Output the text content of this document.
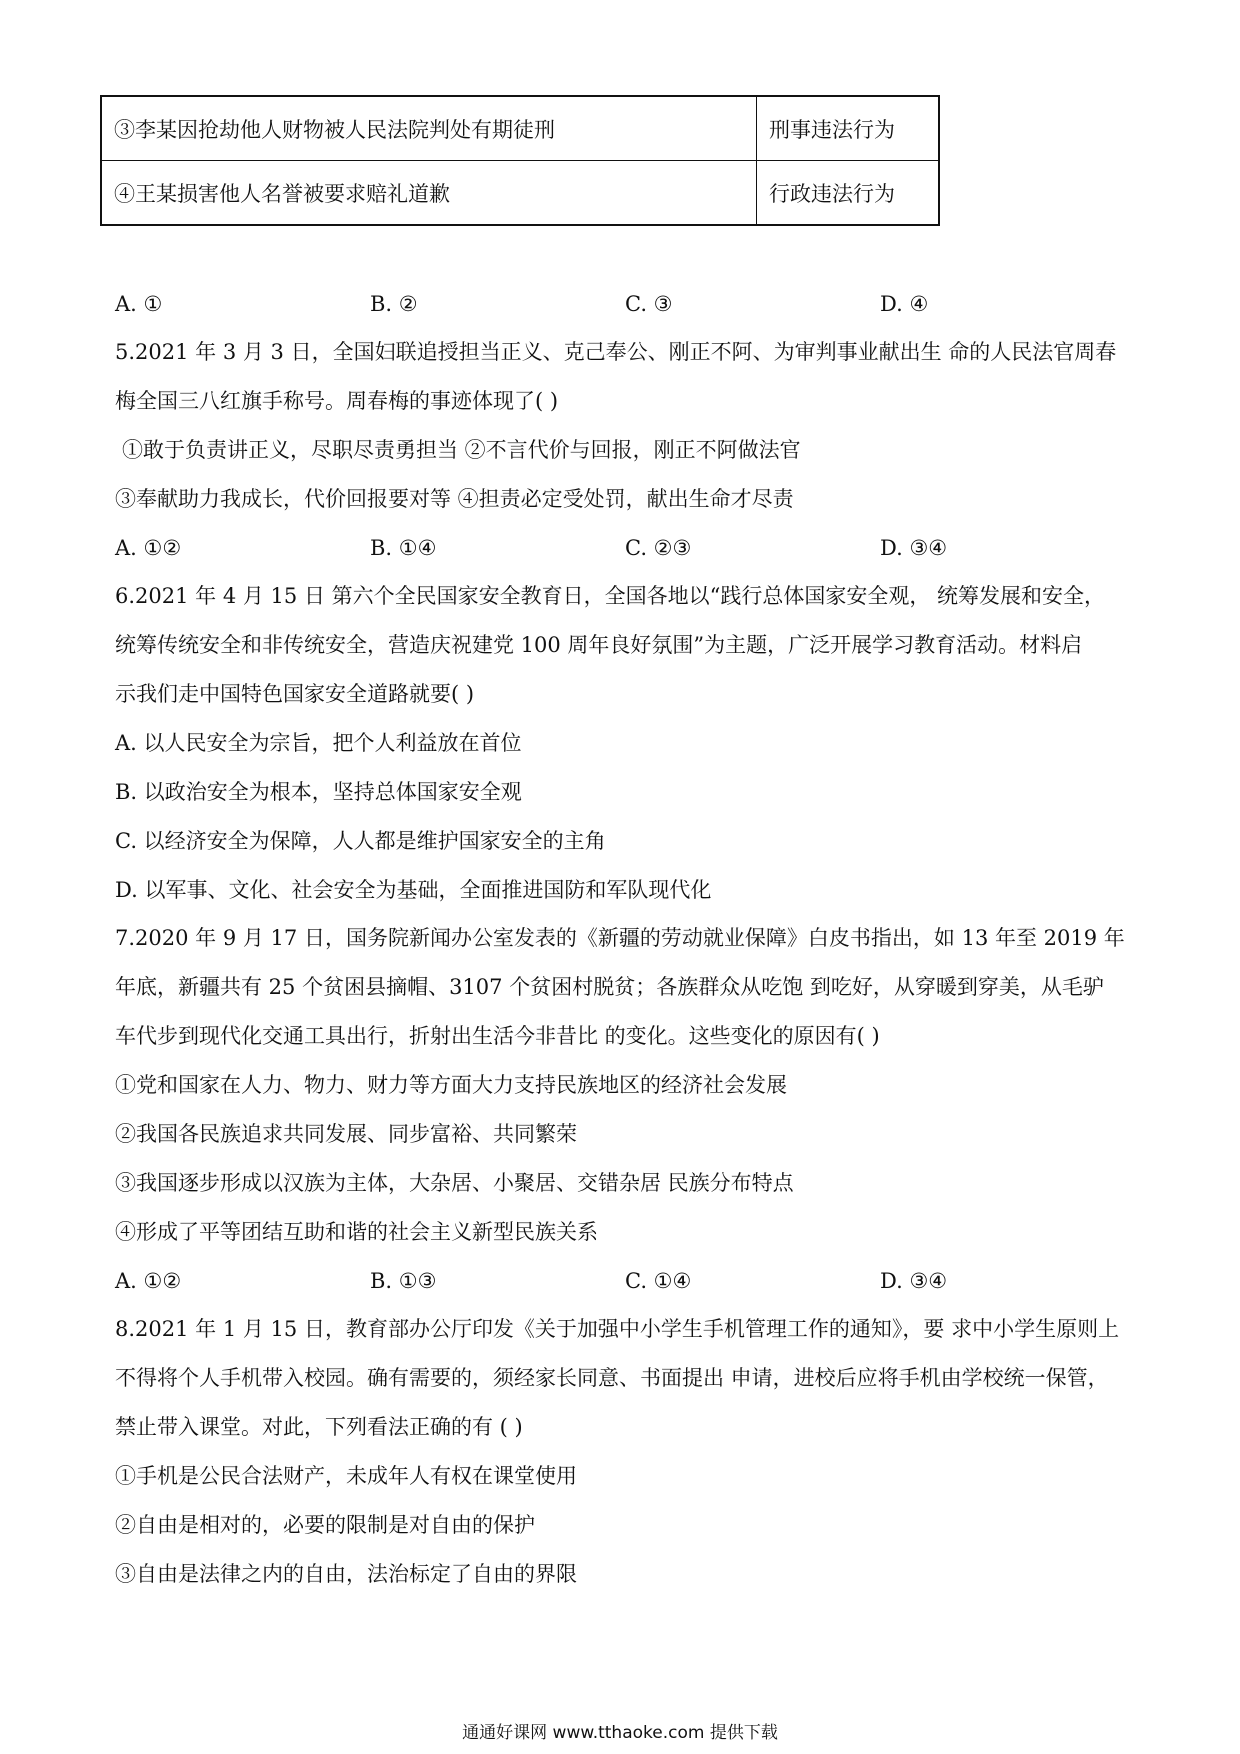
③李某因抢劫他人财物被人民法院判处有期徒刑	刑事违法行为
④王某损害他人名誉被要求赔礼道歉	行政违法行为
A. ①	B. ②	C. ③	D. ④
5.2021 年 3 月 3 日，全国妇联追授担当正义、克己奉公、刚正不阿、为审判事业献出生 命的人民法官周春
梅全国三八红旗手称号。周春梅的事迹体现了( )
①敢于负责讲正义，尽职尽责勇担当 ②不言代价与回报，刚正不阿做法官
③奉献助力我成长，代价回报要对等 ④担责必定受处罚，献出生命才尽责
A. ①②	B. ①④	C. ②③	D. ③④
6.2021 年 4 月 15 日 第六个全民国家安全教育日，全国各地以“践行总体国家安全观， 统筹发展和安全，
统筹传统安全和非传统安全，营造庆祝建党 100 周年良好氛围”为主题，广泛开展学习教育活动。材料启
示我们走中国特色国家安全道路就要( )
A. 以人民安全为宗旨，把个人利益放在首位
B. 以政治安全为根本，坚持总体国家安全观
C. 以经济安全为保障，人人都是维护国家安全的主角
D. 以军事、文化、社会安全为基础，全面推进国防和军队现代化
7.2020 年 9 月 17 日，国务院新闻办公室发表的《新疆的劳动就业保障》白皮书指出，如 13 年至 2019 年
年底，新疆共有 25 个贫困县摘帽、3107 个贫困村脱贫；各族群众从吃饱 到吃好，从穿暖到穿美，从毛驴
车代步到现代化交通工具出行，折射出生活今非昔比 的变化。这些变化的原因有( )
①党和国家在人力、物力、财力等方面大力支持民族地区的经济社会发展
②我国各民族追求共同发展、同步富裕、共同繁荣
③我国逐步形成以汉族为主体，大杂居、小聚居、交错杂居 民族分布特点
④形成了平等团结互助和谐的社会主义新型民族关系
A. ①②	B. ①③	C. ①④	D. ③④
8.2021 年 1 月 15 日，教育部办公厅印发《关于加强中小学生手机管理工作的通知》，要 求中小学生原则上
不得将个人手机带入校园。确有需要的，须经家长同意、书面提出 申请，进校后应将手机由学校统一保管，
禁止带入课堂。对此，下列看法正确的有 ( )
①手机是公民合法财产，未成年人有权在课堂使用
②自由是相对的，必要的限制是对自由的保护
③自由是法律之内的自由，法治标定了自由的界限
通通好课网 www.tthaoke.com 提供下载
